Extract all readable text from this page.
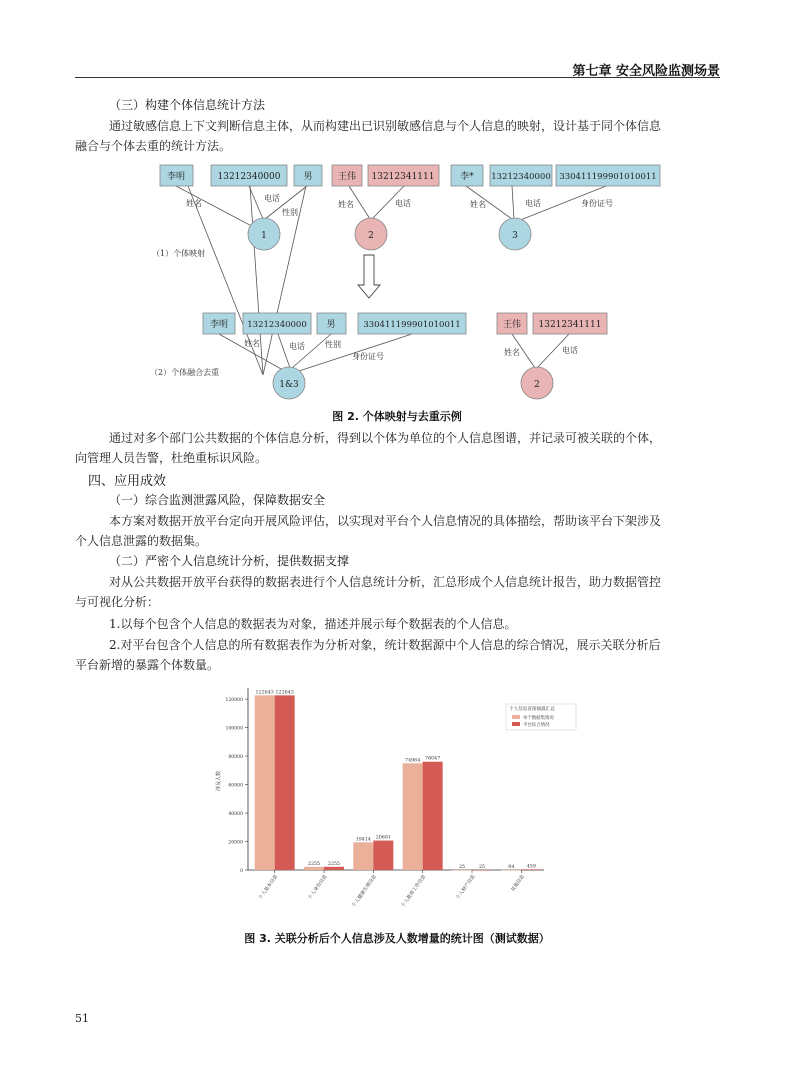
第七章 安全风险监测场景
（三）构建个体信息统计方法
通过敏感信息上下文判断信息主体，从而构建出已识别敏感信息与个人信息的映射，设计基于同个体信息
融合与个体去重的统计方法。
李明	13212340000	男
姓名
电话
性别
1
王伟 13212341111
姓名	电话
2
李* 13212340000 330411199901010011
姓名	电话	身份证号
3
（1）个体映射
李明 13212340000 男	330411199901010011
姓名	电话	性别
身份证号
1&3
王伟 13212341111
姓名	电话
2
（2）个体融合去重
图 2. 个体映射与去重示例
通过对多个部门公共数据的个体信息分析，得到以个体为单位的个人信息图谱，并记录可被关联的个体，
向管理人员告警，杜绝重标识风险。
四、应用成效
（一）综合监测泄露风险，保障数据安全
本方案对数据开放平台定向开展风险评估，以实现对平台个人信息情况的具体描绘，帮助该平台下架涉及
个人信息泄露的数据集。
（二）严密个人信息统计分析，提供数据支撑
对从公共数据开放平台获得的数据表进行个人信息统计分析，汇总形成个人信息统计报告，助力数据管控
与可视化分析：
1.以每个包含个人信息的数据表为对象，描述并展示每个数据表的个人信息。
2.对平台包含个人信息的所有数据表作为分析对象，统计数据源中个人信息的综合情况，展示关联分析后
平台新增的暴露个体数量。
0
20000
40000
60000
80000
100000
120000
涉及人数
122643 122643
个人基本信息
2255 2255
个人身份信息
19414 20681
个人健康生理信息
74964 76047
个人教育工作信息
25	25
个人财产信息
94	459
其他信息
个人信息直接披露汇总
单个数据集情况
平台综合情况
图 3. 关联分析后个人信息涉及人数增量的统计图（测试数据）
51
